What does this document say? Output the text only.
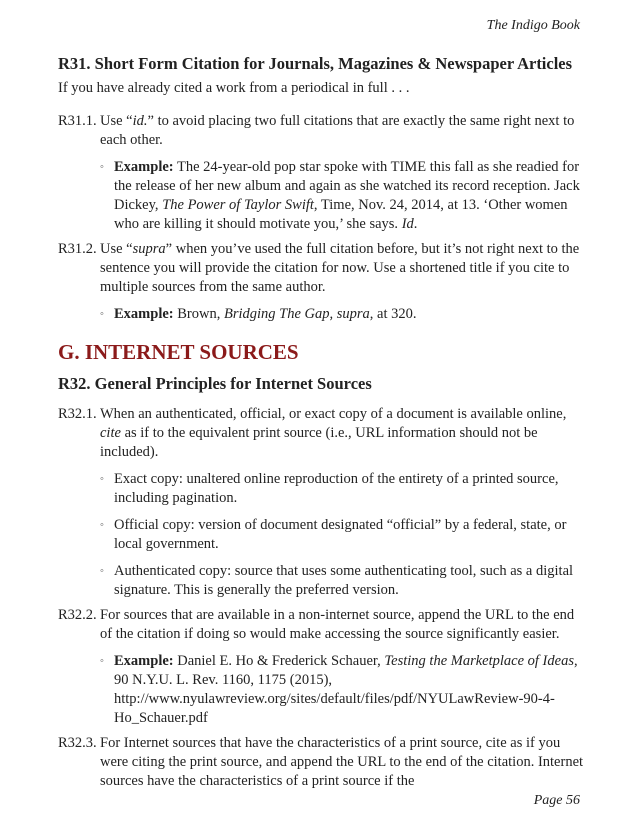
The Indigo Book
R31. Short Form Citation for Journals, Magazines & Newspaper Articles

If you have already cited a work from a periodical in full . . .

R31.1. Use “id.” to avoid placing two full citations that are exactly the same right next to each other.

◦ Example: The 24-year-old pop star spoke with TIME this fall as she readied for the release of her new album and again as she watched its record reception. Jack Dickey, The Power of Taylor Swift, Time, Nov. 24, 2014, at 13. ‘Other women who are killing it should motivate you,’ she says. Id.
R31.2. Use “supra” when you’ve used the full citation before, but it’s not right next to the sentence you will provide the citation for now. Use a shortened title if you cite to multiple sources from the same author.

◦ Example: Brown, Bridging The Gap, supra, at 320.
G. INTERNET SOURCES
R32. General Principles for Internet Sources
R32.1. When an authenticated, official, or exact copy of a document is available online, cite as if to the equivalent print source (i.e., URL information should not be included).

◦ Exact copy: unaltered online reproduction of the entirety of a printed source, including pagination.
◦ Official copy: version of document designated “official” by a federal, state, or local government.
◦ Authenticated copy: source that uses some authenticating tool, such as a digital signature. This is generally the preferred version.
R32.2. For sources that are available in a non-internet source, append the URL to the end of the citation if doing so would make accessing the source significantly easier.

◦ Example: Daniel E. Ho & Frederick Schauer, Testing the Marketplace of Ideas, 90 N.Y.U. L. Rev. 1160, 1175 (2015), http://www.nyulawreview.org/sites/default/files/pdf/NYULawReview-90-4-Ho_Schauer.pdf
R32.3. For Internet sources that have the characteristics of a print source, cite as if you were citing the print source, and append the URL to the end of the citation. Internet sources have the characteristics of a print source if the

Page 56
